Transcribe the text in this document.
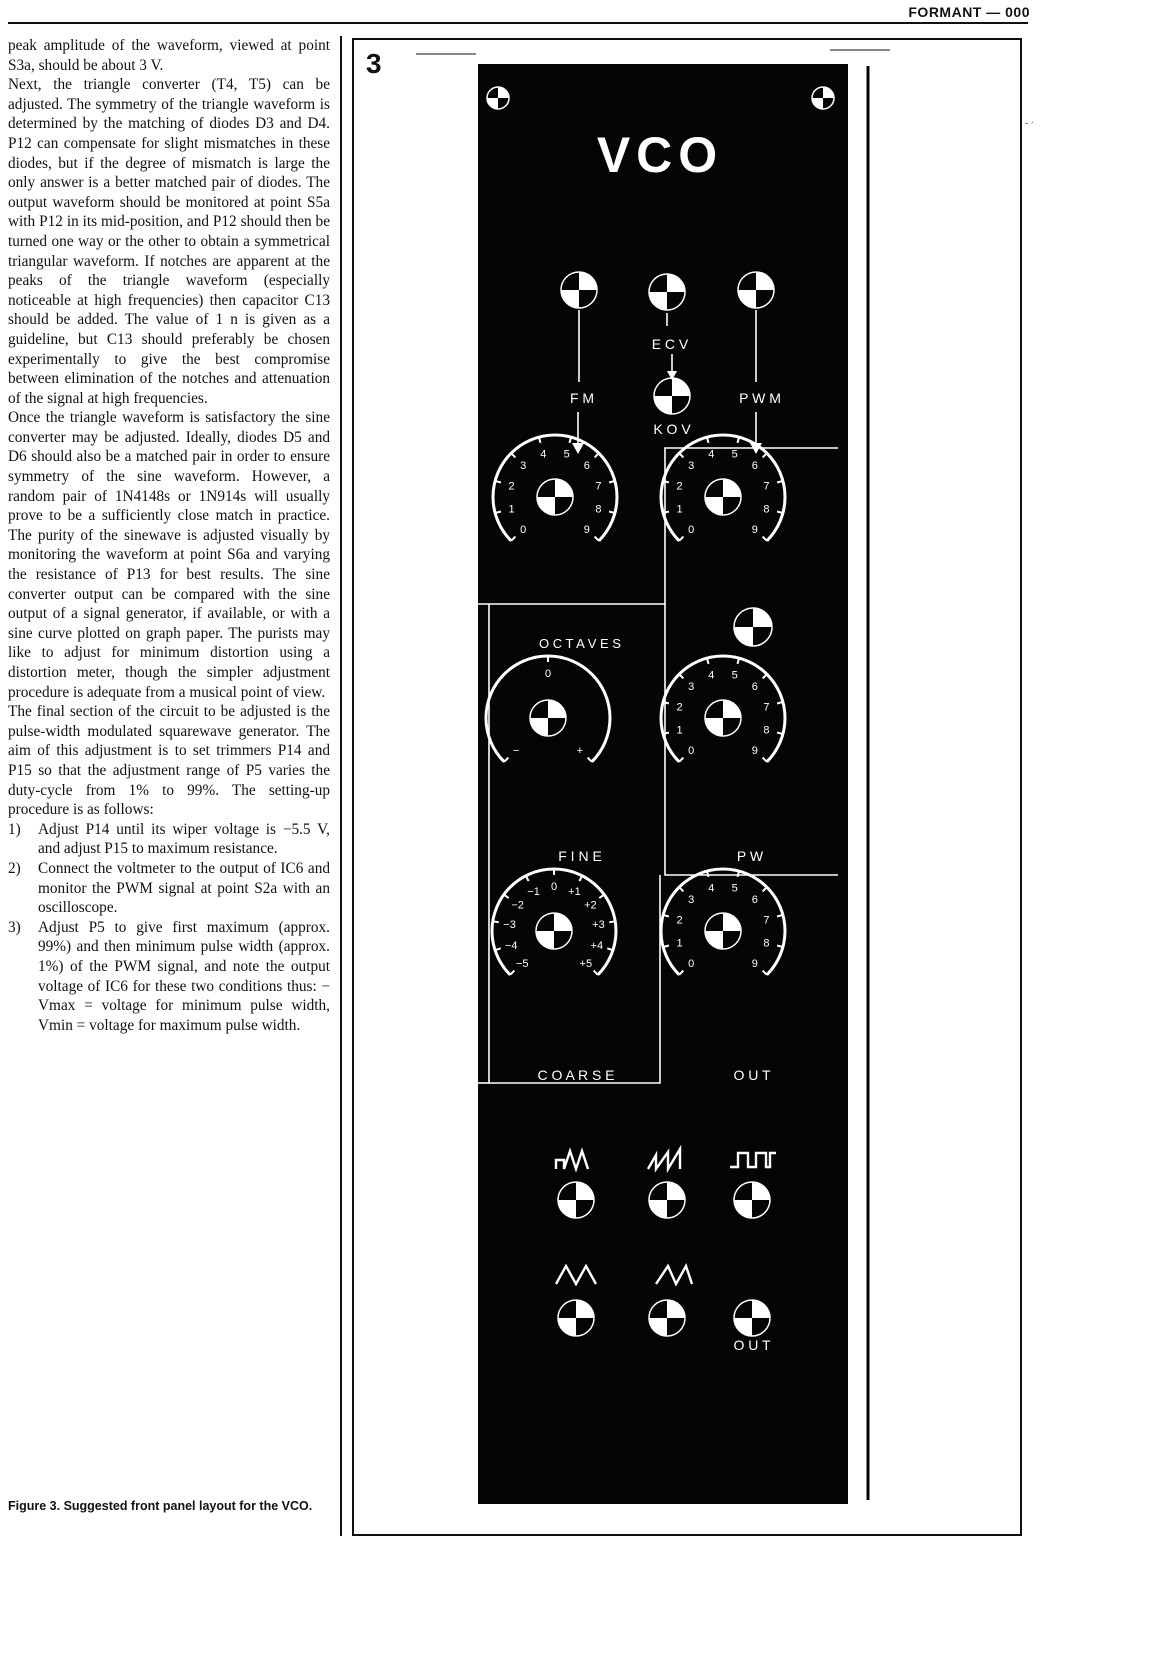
FORMANT — 000

peak amplitude of the waveform, viewed at point S3a, should be about 3 V.

Next, the triangle converter (T4, T5) can be adjusted. The symmetry of the triangle waveform is determined by the matching of diodes D3 and D4. P12 can compensate for slight mismatches in these diodes, but if the degree of mismatch is large the only answer is a better matched pair of diodes. The output waveform should be monitored at point S5a with P12 in its mid-position, and P12 should then be turned one way or the other to obtain a symmetrical triangular waveform. If notches are apparent at the peaks of the triangle waveform (especially noticeable at high frequencies) then capacitor C13 should be added. The value of 1 n is given as a guideline, but C13 should preferably be chosen experimentally to give the best compromise between elimination of the notches and attenuation of the signal at high frequencies.

Once the triangle waveform is satisfactory the sine converter may be adjusted. Ideally, diodes D5 and D6 should also be a matched pair in order to ensure symmetry of the sine waveform. However, a random pair of 1N4148s or 1N914s will usually prove to be a sufficiently close match in practice. The purity of the sinewave is adjusted visually by monitoring the waveform at point S6a and varying the resistance of P13 for best results. The sine converter output can be compared with the sine output of a signal generator, if available, or with a sine curve plotted on graph paper. The purists may like to adjust for minimum distortion using a distortion meter, though the simpler adjustment procedure is adequate from a musical point of view.

The final section of the circuit to be adjusted is the pulse-width modulated squarewave generator. The aim of this adjustment is to set trimmers P14 and P15 so that the adjustment range of P5 varies the duty-cycle from 1% to 99%. The setting-up procedure is as follows:

1) Adjust P14 until its wiper voltage is −5.5 V, and adjust P15 to maximum resistance.
2) Connect the voltmeter to the output of IC6 and monitor the PWM signal at point S2a with an oscilloscope.
3) Adjust P5 to give first maximum (approx. 99%) and then minimum pulse width (approx. 1%) of the PWM signal, and note the output voltage of IC6 for these two conditions thus: − Vmax = voltage for minimum pulse width, Vmin = voltage for maximum pulse width.
Figure 3. Suggested front panel layout for the VCO.
3
- ·
VCO
0
1
2
3
4 5
6
7
8
9	0
1
2
3
4 5
6
7
8
9
−
0
+	0
1
2
3
4 5
6
7
8
9
−5
−4
−3
−2
−1 0 +1
+2
+3
+4
+5	0
1
2
3
4 5
6
7
8
9
F M
E C V
K O V
P W M
O C T A V E S
F I N E	P W
C O A R S E	O U T
O U T
